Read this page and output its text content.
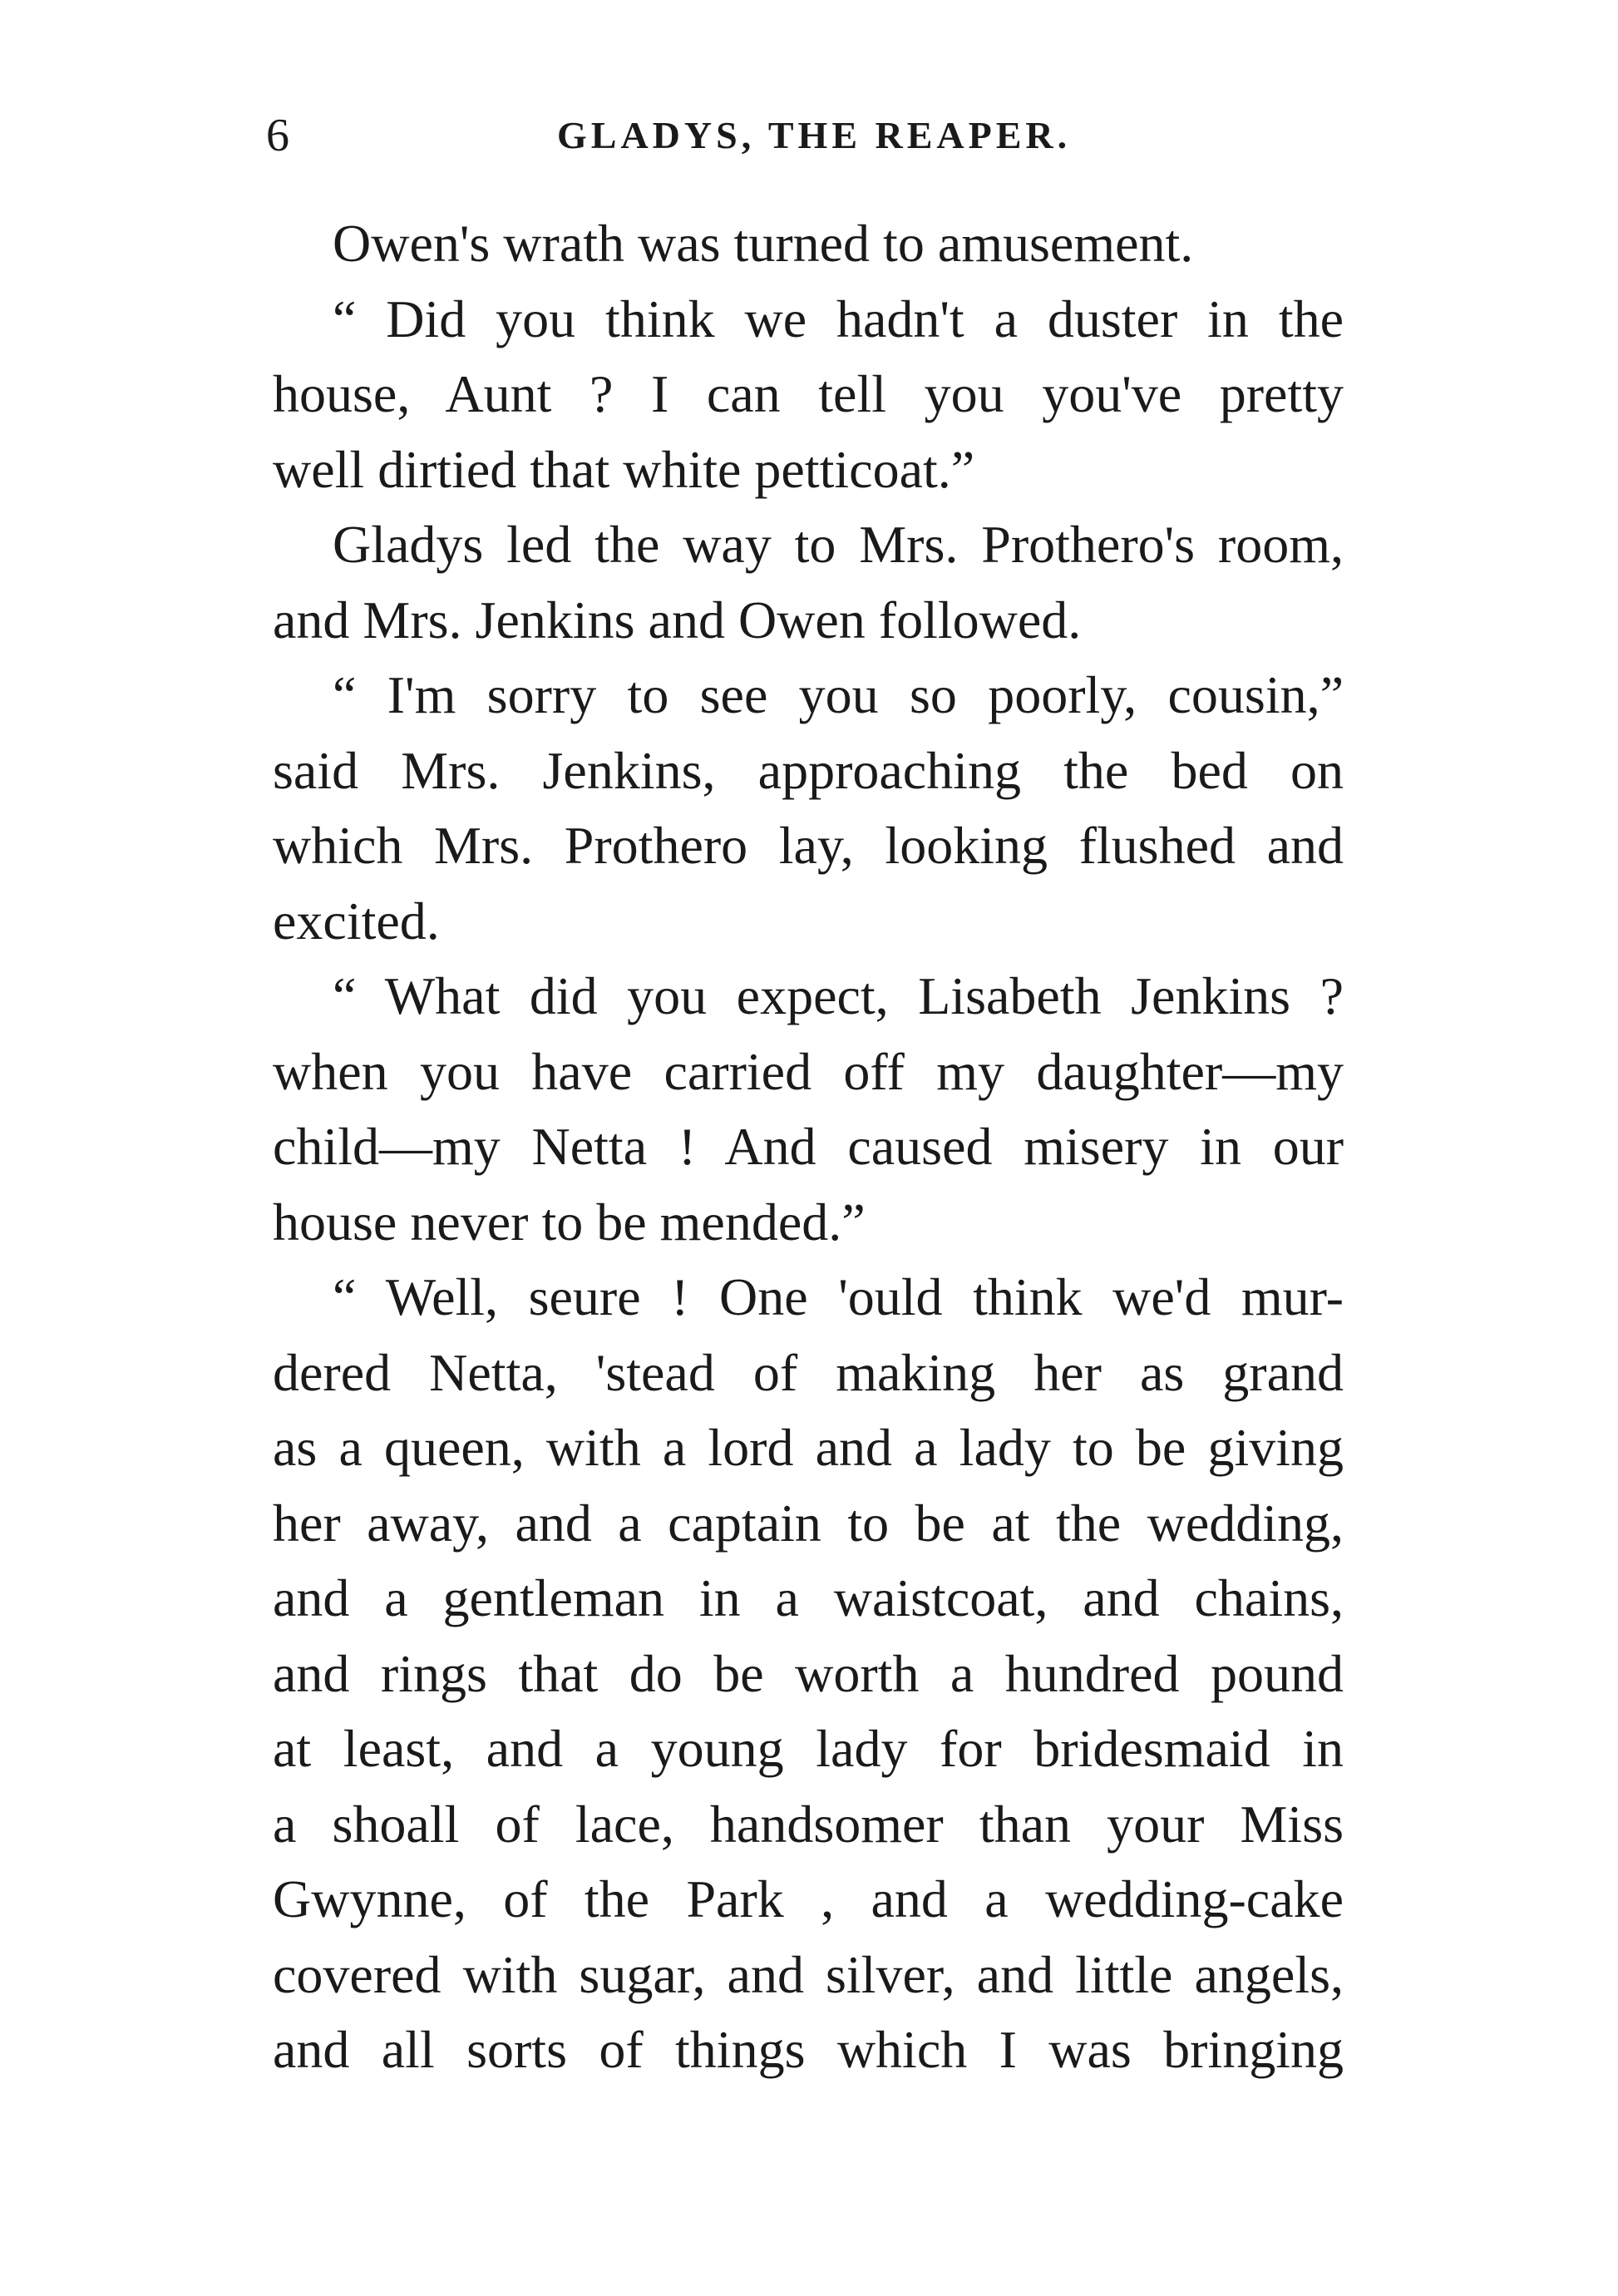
6	GLADYS, THE REAPER.
Owen's wrath was turned to amusement.
“ Did you think we hadn't a duster in the
house, Aunt ? I can tell you you've pretty
well dirtied that white petticoat.”
Gladys led the way to Mrs. Prothero's room,
and Mrs. Jenkins and Owen followed.
“ I'm sorry to see you so poorly, cousin,”
said Mrs. Jenkins, approaching the bed on
which Mrs. Prothero lay, looking flushed and
excited.
“ What did you expect, Lisabeth Jenkins ?
when you have carried off my daughter—my
child—my Netta ! And caused misery in our
house never to be mended.”
“ Well, seure ! One 'ould think we'd mur-
dered Netta, 'stead of making her as grand
as a queen, with a lord and a lady to be giving
her away, and a captain to be at the wedding,
and a gentleman in a waistcoat, and chains,
and rings that do be worth a hundred pound
at least, and a young lady for bridesmaid in
a shoall of lace, handsomer than your Miss
Gwynne, of the Park , and a wedding-cake
covered with sugar, and silver, and little angels,
and all sorts of things which I was bringing
